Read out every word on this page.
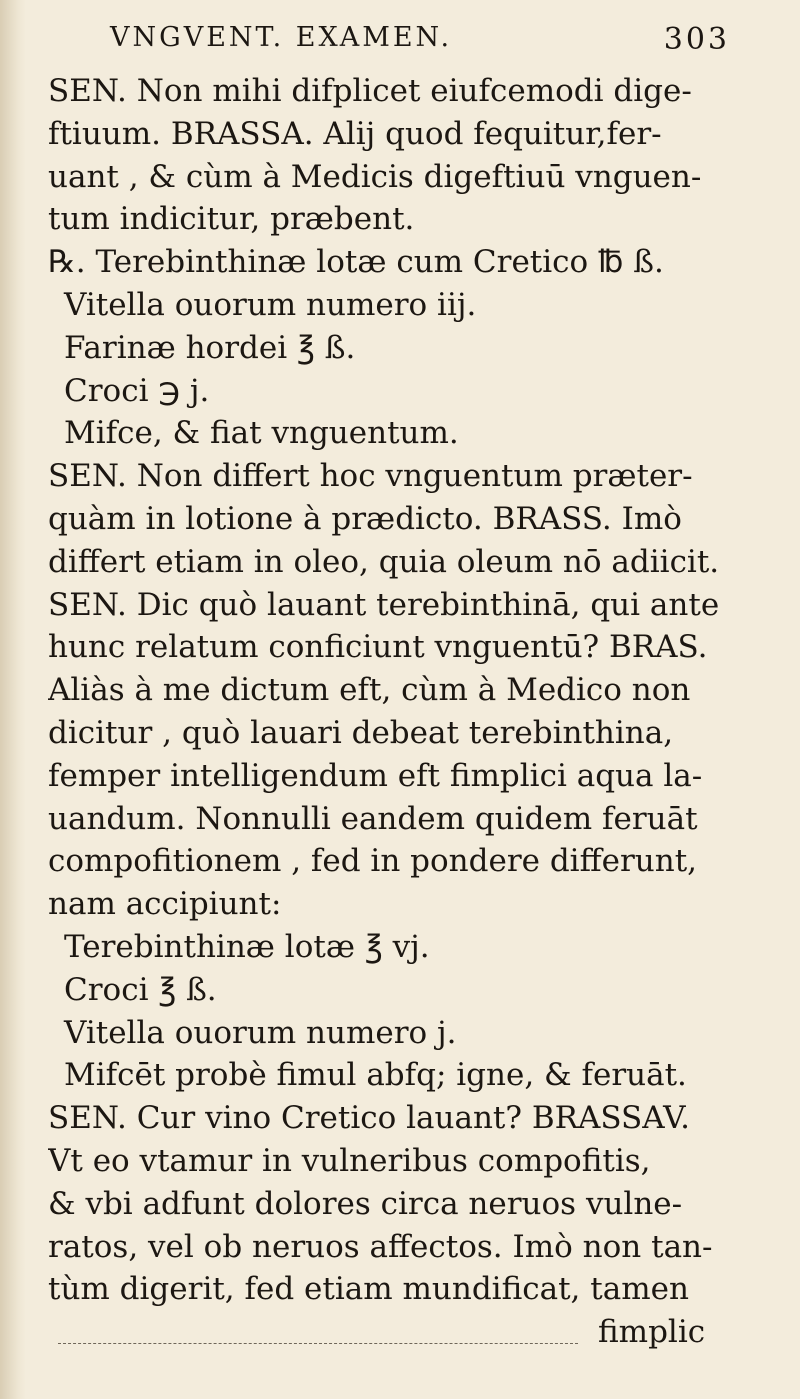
VNGVENT. EXAMEN.	303
SEN. Non mihi difplicet eiufcemodi dige-
ftiuum. BRASSA. Alij quod fequitur,fer-
uant , & cùm à Medicis digeftiuū vnguen-
tum indicitur, præbent.
℞. Terebinthinæ lotæ cum Cretico ℔ ß.
Vitella ouorum numero iij.
Farinæ hordei ℥ ß.
Croci ℈ j.
Mifce, & fiat vnguentum.
SEN. Non differt hoc vnguentum præter-
quàm in lotione à prædicto. BRASS. Imò
differt etiam in oleo, quia oleum nō adiicit.
SEN. Dic quò lauant terebinthinā, qui ante
hunc relatum conficiunt vnguentū? BRAS.
Aliàs à me dictum eft, cùm à Medico non
dicitur , quò lauari debeat terebinthina,
femper intelligendum eft fimplici aqua la-
uandum. Nonnulli eandem quidem feruāt
compofitionem , fed in pondere differunt,
nam accipiunt:
Terebinthinæ lotæ ℥ vj.
Croci ℥ ß.
Vitella ouorum numero j.
Mifcēt probè fimul abfq; igne, & feruāt.
SEN. Cur vino Cretico lauant? BRASSAV.
Vt eo vtamur in vulneribus compofitis,
& vbi adfunt dolores circa neruos vulne-
ratos, vel ob neruos affectos. Imò non tan-
tùm digerit, fed etiam mundificat, tamen
fimplic
